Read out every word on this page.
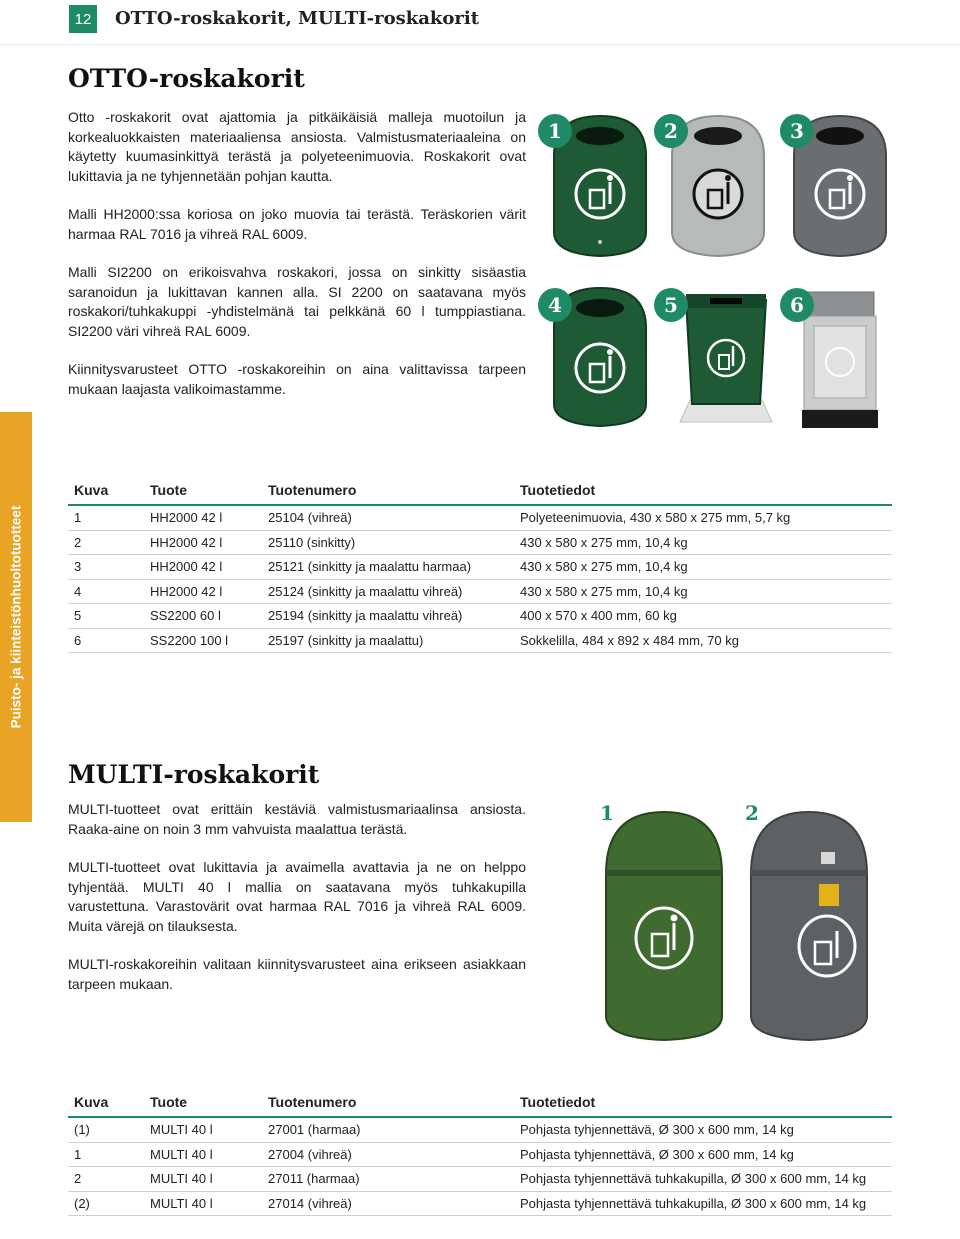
12	OTTO-roskakorit, MULTI-roskakorit
Puisto- ja kiinteistönhuoltotuotteet
OTTO-roskakorit

Otto -roskakorit ovat ajattomia ja pitkäikäisiä malleja muotoilun ja korkealuokkaisten materiaaliensa ansiosta. Valmistusmateriaaleina on käytetty kuumasinkittyä terästä ja polyeteenimuovia. Roskakorit ovat lukittavia ja ne tyhjennetään pohjan kautta.

Malli HH2000:ssa koriosa on joko muovia tai terästä. Teräskorien värit harmaa RAL 7016 ja vihreä RAL 6009.

Malli SI2200 on erikoisvahva roskakori, jossa on sinkitty sisäastia saranoidun ja lukittavan kannen alla. SI 2200 on saatavana myös roskakori/tuhkakuppi -yhdistelmänä tai pelkkänä 60 l tumppiastiana. SI2200 väri vihreä RAL 6009.

Kiinnitysvarusteet OTTO -roskakoreihin on aina valittavissa tarpeen mukaan laajasta valikoimastamme.

1	2	3
4	5	6
Kuva	Tuote	Tuotenumero	Tuotetiedot
1	HH2000 42 l	25104 (vihreä)	Polyeteenimuovia, 430 x 580 x 275 mm, 5,7 kg
2	HH2000 42 l	25110 (sinkitty)	430 x 580 x 275 mm, 10,4 kg
3	HH2000 42 l	25121 (sinkitty ja maalattu harmaa)	430 x 580 x 275 mm, 10,4 kg
4	HH2000 42 l	25124 (sinkitty ja maalattu vihreä)	430 x 580 x 275 mm, 10,4 kg
5	SS2200 60 l	25194 (sinkitty ja maalattu vihreä)	400 x 570 x 400 mm, 60 kg
6	SS2200 100 l	25197 (sinkitty ja maalattu)	Sokkelilla, 484 x 892 x 484 mm, 70 kg
MULTI-roskakorit

MULTI-tuotteet ovat erittäin kestäviä valmistusmariaalinsa ansiosta. Raaka-aine on noin 3 mm vahvuista maalattua terästä.

MULTI-tuotteet ovat lukittavia ja avaimella avattavia ja ne on helppo tyhjentää. MULTI 40 l mallia on saatavana myös tuhkakupilla varustettuna. Varastovärit ovat harmaa RAL 7016 ja vihreä RAL 6009. Muita värejä on tilauksesta.

MULTI-roskakoreihin valitaan kiinnitysvarusteet aina erikseen asiakkaan tarpeen mukaan.

1	2
Kuva	Tuote	Tuotenumero	Tuotetiedot
(1)	MULTI 40 l	27001 (harmaa)	Pohjasta tyhjennettävä, Ø 300 x 600 mm, 14 kg
1	MULTI 40 l	27004 (vihreä)	Pohjasta tyhjennettävä, Ø 300 x 600 mm, 14 kg
2	MULTI 40 l	27011 (harmaa)	Pohjasta tyhjennettävä tuhkakupilla, Ø 300 x 600 mm, 14 kg
(2)	MULTI 40 l	27014 (vihreä)	Pohjasta tyhjennettävä tuhkakupilla, Ø 300 x 600 mm, 14 kg
